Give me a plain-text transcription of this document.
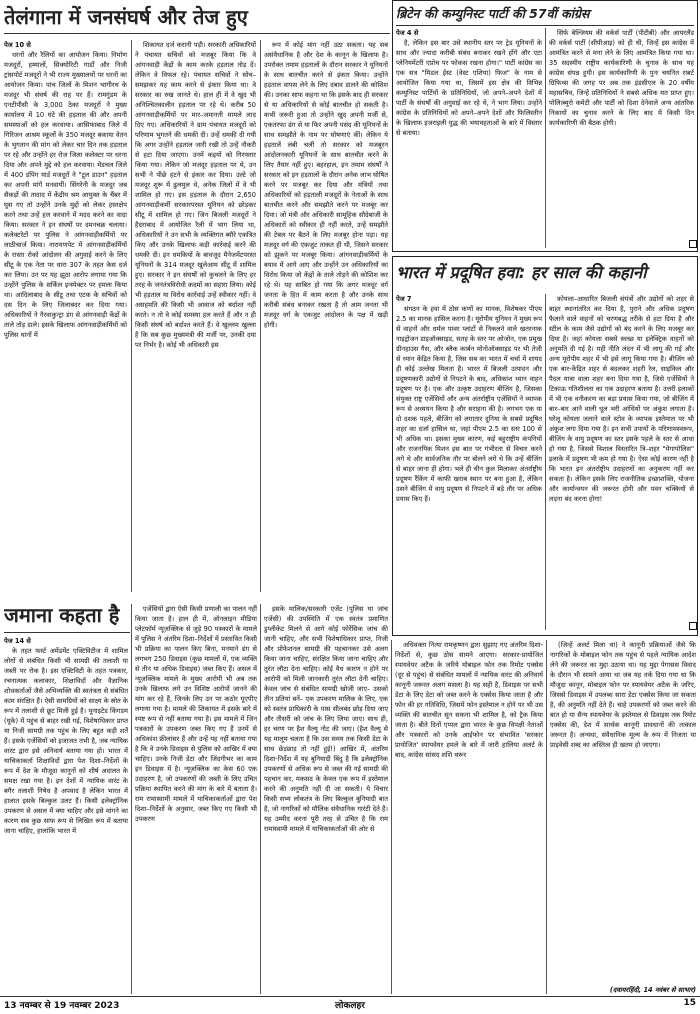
तेलंगाना में जनसंघर्ष और तेज हुए

पेज 10 से

धरनों और रैलियों का आयोजन किया। निर्माण मजदूरों, हम्मालों, सिक्योरिटी गार्डों और निजी ट्रांसपोर्ट मजदूरों ने भी राज्य मुख्यालयों पर धरनों का आयोजन किया। पांच जिलों के मिशन भागीरथ के मजदूर भी संघर्ष की राह पर हैं। रामगुंडम के एनटीपीसी के 3,000 ठेका मजदूरों ने मुख्य कार्यालय में 10 घंटे की हड़ताल की और अपनी समस्याओं को हल करवाया। आसिफाबाद जिले में गिरिजन आश्रम स्कूलों के 350 मजदूर बकाया वेतन के भुगतान की मांग को लेकर चार दिन तक हड़ताल पर रहे और उन्होंने हर रोज जिला कलेक्टर पर धरना दिया और अपने मुद्दे को हल करवाया। मेडचल जिले में 400 डंपिंग यार्ड मजदूरों ने "टूल डाउन" हड़ताल कर अपनी मांगें मनवायीं। सिंगरेनी के मजदूर जब सैकड़ों की तादाद में केंद्रीय श्रम आयुक्त के चैंबर में घुस गए तो उन्होंने उनके मुद्दों को लेकर हस्तक्षेप करने तथा उन्हें हल करवाने में मदद करने का वादा किया। सरकार ने इन संघर्षों पर दमनचक्र चलाया। कलेक्टरेटों पर पुलिस ने आंगनवाड़ीकर्मियों पर लाठीचार्ज किया। नारायणपेट में आंगनवाड़ीकर्मियों के रास्ता रोको आंदोलन की अगुवाई करने के लिए सीटू के एक नेता पर धारा 307 के तहत केस दर्ज कर लिया। उन पर यह झूठा आरोप लगाया गया कि उन्होंने पुलिस के सर्किल इन्स्पेक्टर पर हमला किया था। आदिलाबाद के सीटू तथा एटक के सचिवों को दस दिन के लिए जिलाबदर कर दिया गया। अधिकारियों ने नैरवाकुन्ट्रा डंग से आंगनवाड़ी केंद्रों के ताले तोड़ डाले। इसके खिलाफ आंगनवाड़ीकर्मियों को पुलिस थानों में

शिकायत दर्ज करानी पड़ी। सरकारी अधिकारियों ने पंचायत सचिवों को मजबूर किया कि वे आंगनवाड़ी केंद्रों के काम करके हड़ताल तोड़ दें। लेकिन वे विफल रहे। पंचायत सचिवों ने सोच–समझकर यह काम करने से इंकार किया था। वे सरकार का रुख जानते थे। हाल ही में वे खुद भी अनिश्चितकालीन हड़ताल पर रहे थे। करीब 50 आंगनवाड़ीकर्मियों पर मार–जमानती मामले लाद दिए गए। अधिकारियों ने ग्राम पंचायत मजदूरों को परिणाम भुगतने की धमकी दी। उन्हें धमकी दी गयी कि अगर उन्होंने हड़ताल जारी रखी तो उन्हें नौकरी से हटा दिया जाएगा। उनमें कइयों को गिरफ्तार किया गया। लेकिन जो मजदूर हड़ताल पर थे, उन सभी ने पीछे हटने से इंकार कर दिया। उल्टे जो मजदूर शुरू में ढुलमुल थे, अनेक जिलों में वे भी शामिल हो गए। इस हड़ताल के दौरान 2,650 आंगनवाड़ीकर्मी सरकारपरस्त यूनियन को छोड़कर सीटू में शामिल हो गए। जिन बिजली मजदूरों ने हैदराबाद में आयोजित रैली में भाग लिया था, अधिकारियों ने उन सभी के व्यक्तिगत ब्यौरे एकत्रित किए और उनके खिलाफ कड़ी कार्रवाई करने की धमकी दी। इन धमकियों के बावजूद मैनेजमेंटपरस्त यूनियनों के 314 मजदूर खुलेआम सीटू में शामिल हुए। सरकार ने इन संघर्षों को कुचलने के लिए हर तरह के जनतंत्रविरोधी कदमों का सहारा लिया। कोई भी हड़ताल या विरोध कार्रवाई उन्हें स्वीकार नहीं। वे असहमति की किसी भी आवाज को बर्दाश्त नहीं करते। न तो वे कोई समस्या हल करते हैं और न ही किसी संघर्ष को बर्दाश्त करते हैं। वे खुल्लम खुल्ला है कि सब कुछ मुख्यमंत्री की मर्जी पर, उनकी दया पर निर्भर है। कोई भी अधिकारी इस

रूप में कोई मांग नहीं उठा सकता। यह सब असंवैधानिक है और देश के कानून के खिलाफ है। उपरोक्त तमाम हड़तालों के दौरान सरकार ने यूनियनों के साथ बातचीत करने से इंकार किया। उन्होंने हड़ताल वापस लेने के लिए दबाव डालने की कोशिश की। उनका साफ कहना था कि इसके बाद ही सरकार से या अधिकारियों से कोई बातचीत हो सकती है। कभी जरूरी हुआ तो उन्होंने खुद अपनी मर्जी से, एकतरफा ढंग से या फिर अपनी पसंद की यूनियनों के साथ समझौते के नाम पर घोषणाएं कीं। लेकिन ये हड़तालें लंबी चलीं तो सरकार को मजबूरन आंदोलनकारी यूनियनों के साथ बातचीत करने के लिए तैयार नहीं हुए। बहरहाल, इन तमाम संघर्षों ने सरकार को इन हड़तालों के दौरान अनेक लाभ घोषित करने पर मजबूर कर दिया और मंत्रियों तथा अधिकारियों को हड़ताली मजदूरों के नेताओं के साथ बातचीत करने और समझौते करने पर मजबूर कर दिया। जो मंत्री और अधिकारी सामूहिक सौदेबाजी के अधिकारों को स्वीकार ही नहीं करते, उन्हें समझौते की टेबल पर बैठने के लिए मजबूर होना पड़ा। यह मजदूर वर्ग की एकजुट ताकत ही थी, जिसने सरकार को झुकने पर मजबूर किया। आंगनवाड़ीकर्मियों के बयाव में आगे आए और उन्होंने उन अधिकारियों का विरोध किया जो केंद्रों के ताले तोड़ने की कोशिश कर रहे थे। यह साबित हो गया कि अगर मजदूर वर्ग जनता के हित में काम करता है और उनके साथ करीबी संबंध बनाकर रखता है तो आम जनता भी मजदूर वर्ग के एकजुट आंदोलन के पक्ष में खड़ी होगी।

ब्रिटेन की कम्युनिस्ट पार्टी की 57वीं कांग्रेस

पेज 4 से

है, लेकिन इस बार उसे स्थानीय स्तर पर ट्रेड यूनियनों के साथ और ज्यादा करीबी संबंध बनाकर रखने होंगे और एटा प्लेनियमेंटरी एप्रोच पर फोकस रखना होगा।" पार्टी कांग्रेस का एक सत्र "मिडल ईस्ट (वेस्ट एशिया) फिज" के नाम से आयोजित किया गया था, जिसमें इस क्षेत्र की विभिन्न कम्युनिस्ट पार्टियों के प्रतिनिधियों, जो अपने–अपने देशों में पार्टी के संघर्षों की अगुवाई कर रहे थे, ने भाग लिया। उन्होंने कांग्रेस के प्रतिनिधियों को अपने–अपने देशों और फिलिस्तीन के खिलाफ इजराइली युद्ध की भयावहताओं के बारे में विस्तार से बताया।

सिर्फ बेल्जियम की वर्कर्स पार्टी (पीटीबी) और आयरलैंड की वर्कर्स पार्टी (सीपीआइ) को ही थी, जिन्हें इस कांग्रेस में आमंत्रित करने से मना लेने के लिए आमंत्रित किया गया था। 35 सदस्यीय राष्ट्रीय कार्यकारिणी के चुनाव के साथ यह कांग्रेस संपन्न हुयी। इस कार्यकारिणी के पुनः चयनित राबर्ट ग्रिफिथ्स की जगह पर अब तक इंडसीएल के 20 वर्षीय महासचिव, जिन्हें प्रतिनिधियों ने सबसे अधिक मत प्राप्त हुए। पोलित्ब्युरो कमेटी और पार्टी को दिशा देनेवाले अन्य आंतरिक निकायों का चुनाव करने के लिए बाद में किसी दिन कार्यकारिणी की बैठक होगी।

भारत में प्रदूषित हवा: हर साल की कहानी

पेज 7

संगठन के हवा में ठोस कणों का मानक, विशेषकर पीएम 2.5 का मानक हासिल करना है। यूरोपीय यूनियन ने मुख्य रूप से वाहनों और धर्मल पावर प्लांटों से निकलने वाले खतरनाक नाइट्रोजन डाइऑक्साइड, सतह के स्तर पर ओजोन, एक प्रमुख ग्रीनहाउस गैस, और ब्लैक कार्बन मोनोऑक्साइड पर भी तेजी से ध्यान केंद्रित किया है, जिस सब का भारत में चर्चा में शायद ही कोई उल्लेख मिलता है। भारत में बिजली उत्पादन और प्रदूषणकारी उद्योगों से निपटने के बाद, अधिकांश ध्यान वाहन प्रदूषण पर है। एक और उत्कृष्ट उदाहरण बीजिंग है, जिसका संयुक्त राष्ट्र एजेंसियों और अन्य अंतर्राष्ट्रीय एजेंसियों ने व्यापक रूप से अध्ययन किया है और सराहना की है। लगभग एक या दो दशक पहले, बीजिंग को लगातार दुनिया के सबसे प्रदूषित शहर का दर्जा हासिल था, जहां पीएम 2.5 का स्तर 100 से भी अधिक था। इसका मुख्य कारण, कई बहुराष्ट्रीय कंपनियों और राजनयिक मिशन इस बात पर गंभीरता से विचार करने लगे थे और सार्वजनिक तौर पर बोलने लगे थे कि उन्हें बीजिंग से बाहर जाना ही होगा। भले ही चीन कुल मिलाकर अंतर्राष्ट्रीय प्रदूषण रैंकिंग में काफी खराब स्थान पर बना हुआ है, लेकिन उसने बीजिंग में वायु प्रदूषण से निपटने में बड़े तौर पर अधिक प्रयास किए हैं।

कोयला–आधारित बिजली संयंत्रों और उद्योगों को शहर से बाहर स्थानांतरित कर दिया है, पुराने और अधिक प्रदूषण फैलाने वाले वाहनों को चरणबद्ध तरीके से हटा दिया है और स्टील के काम जैसे उद्योगों को बंद करने के लिए मजबूर कर दिया है। जहां कोयला सबसे स्वच्छ या इलेक्ट्रिक वाहनों को अनुमति दी गई है। यही नीति लंदन में भी लागू की गई और अन्य यूरोपीय शहर में भी इसे लागू किया गया है। बीजिंग को एक बार-केंद्रित शहर से बदलकर शहरी रेल, साइकिल और पैदल यात्रा वाला शहर बना दिया गया है, जिसे एजेंसियों ने टिकाऊ गतिशीलता का एक उदाहरण बताया है। उत्तरी इलाकों में भी एक वनीकरण का बड़ा प्रयास किया गया, जो बीजिंग में बार–बार आने वाली धूल भरी आंधियों पर अंकुश लगाता है। घरेलू कोयला जलाने वाले स्टोव के व्यापक इस्तेमाल पर भी अंकुश लगा दिया गया है। इन सभी उपायों के परिणामस्वरूप, बीजिंग के वायु प्रदूषण का स्तर इसके पहले के स्तर से आधा हो गया है, जिससे विशाल विस्तारित त्रि–शहर "मेगापोलिस" इलाके में प्रदूषण भी कम हो गया है। ऐसा कोई कारण नहीं है कि भारत इन अंतर्राष्ट्रीय उदाहरणों का अनुकरण नहीं कर सकता है। लेकिन इसके लिए राजनीतिक इच्छाशक्ति, योजना और कार्यान्वयन की जरूरत होगी और पवन चक्कियों से लड़ना बंद करना होगा!

जमाना कहता है

पेज 14 से

के तहत फर्स्ट अमेंडमेंट एक्टिविटीज में शामिल लोगों से संबंधित किसी भी सामग्री की तलाशी या जब्ती पर रोक है। इस एक्टिविटी के तहत पत्रकार, रचनात्मक कलाकार, शिक्षाविदों और वैज्ञानिक शोधकर्ताओं जैसे अभिव्यक्ति की स्वतंत्रता से संबंधित काम संरक्षित हैं। ऐसी सामग्रियों को साक्ष्य के स्रोत के रूप में तलाशी से छूट मिली हुई है। यूनाइटेड किंगडम (यूके) में पहुंच से बाहर रखी गई, विशेषाधिकार प्राप्त या निजी सामग्री तक पहुंच के लिए बहुत कड़ी शर्तें हैं। इसके एजेंसियों को इजाजत तभी है, जब न्यायिक वारंट द्वारा इसे अनिवार्य बताया गया हो। भारत में याचिकाकर्ता शिक्षाविदों द्वारा पेश दिशा–निर्देशों के रूप में देश के मौजूदा कानूनों को शीर्ष अदालत के समक्ष रखा गया है। इन देशों में न्यायिक वारंट के बगैर तलाशी निषेध है अपवाद है लेकिन भारत में हालात इसके बिल्कुल उलट हैं। किसी इलेक्ट्रॉनिक उपकरण से असल में क्या चाहिए और इसे मांगने का कारण सब कुछ साफ रूप से लिखित रूप में बताया जाना चाहिए, हालांकि भारत में

एजेंसियों द्वारा ऐसी किसी प्रणाली का पालन नहीं किया जाता है। हाल ही में, ऑनलाइन मीडिया प्लेटफॉर्म न्यूज़क्लिक से जुड़े 90 पत्रकारों के मामले में पुलिस ने अंतरिम दिशा–निर्देशों में प्रस्तावित किसी भी प्रक्रिया का पालन किए बिना, मनमाने ढंग से लगभग 250 डिवाइस (कुछ मामलों में, एक व्यक्ति से तीन या अधिक डिवाइस) जब्त किए हैं। असल में न्यूज़क्लिक मामले के मुख्य आरोपी भी अब तक उनके खिलाफ लगे उन विशिष्ट आरोपों जानने की मांग कर रहे हैं, जिनके लिए उन पर कठोर यूएपीए लगाया गया है। मामले की शिकायत में इसके बारे में स्पष्ट रूप से नहीं बताया गया है। इस मामले में जिन पत्रकारों के उपकरण जब्त किए गए हैं उनमें से अधिकांश फ्रीलांसर हैं और उन्हें यह नहीं बताया गया है कि वे उनके डिवाइस से पुलिस को आखिर में क्या चाहिए। उनके निजी डेटा और जिंदगीभर का काम इन डिवाइस में है। न्यूज़क्लिक का केस 60 एक उदाहरण है, जो उपकरणों की जब्ती के लिए उचित प्रक्रिया स्थापित करने की मांग के बारे में बताता है। राम रामास्वामी मामले में याचिकाकर्ताओं द्वारा पेश दिशा–निर्देशों के अनुसार, जब्त किए गए किसी भी उपकरण

इसके मालिक/सरकारी एजेंट (पुलिस या जांच एजेंसी) की उपस्थिति में एक स्वतंत्र प्रमाणित डुप्लीकेट मिलने से आगे कोई फोरेंसिक जांच की जानी चाहिए, और सभी विशेषाधिकार प्राप्त, निजी और प्रोफेशनल सामग्री की पहचानकर उसे अलग किया जाना चाहिए, संरक्षित किया जाना चाहिए और तुरंत लौटा देना चाहिए। कोई वैध कारण न होने पर आरोपी को मिली जानकारी तुरंत लौटा देनी चाहिए। केवल जांच से संबंधित सामग्री खोजी जाए– उसको तीन प्रतियां बनें– एक उपकरण मालिक के लिए, एक को स्वतंत्र प्राधिकारी के पास सीलबंद छोड़ दिया जाए और तीसरी को जांच के लिए लिया जाए। साथ ही, हर चरण पर हैश वैल्यू नोट की जाए। (हैश वैल्यू से यह मालूम चलता है कि उस समय तक किसी डेटा के साथ छेड़छाड़ तो नहीं हुई!) आखिर में, अंतरिम दिशा-निर्देश में यह बुनियादी बिंदु है कि इलेक्ट्रॉनिक उपकरणों से अधिक रूप से जब्त की गई सामग्री की पहचान कर, मकसद के केवल एक रूप में इस्तेमाल करने की अनुमति नहीं दी जा सकती। ये विचार किसी सभ्य लोकतंत्र के लिए बिल्कुल बुनियादी बात है, जो नागरिकों को मौलिक संवैधानिक गारंटी देते हैं। यह उम्मीद करना पूरी तरह से उचित है कि राम रामास्वामी मामले में याचिकाकर्ताओं की ओर से

अधिवक्ता नित्या रामकृष्णन द्वारा सुझाए गए अंतरिम दिशा-निर्देशों से, कुछ ठोस सामने आएगा। सरकार-प्रायोजित स्पायवेयर अटैक के जरिये मोबाइल फोन तक रिमोट एक्सेस (दूर से पहुंच) से संबंधित मामलों में न्यायिक वारंट की अनिवार्य कानूनी जरूरत अलग मसला है। यह सही है, डिवाइस पर सभी डेटा के लिए डेटा को जब्त करने के एक्सेस किया जाता है और फोन की हर गतिविधि, जिसमें फोन इस्तेमाल न होने पर भी उस व्यक्ति की बातचीत सुन सकना भी शामिल है, को ट्रैक किया जाता है। बीते दिनों एप्पल द्वारा भारत के कुछ विपक्षी नेताओं और पत्रकारों को उनके आईफोन पर संभावित 'सरकार प्रायोजित' स्पायवेयर हमले के बारे में जारी हालिया अलर्ट के बाद, कांग्रेस सांसद शशि थरूर

(जिन्हें अलर्ट मिला था) ने कानूनी प्रक्रियाओं जैसे कि नागरिकों के मोबाइल फोन तक पहुंच से पहले न्यायिक आदेश लेने की जरूरत का मुद्दा उठाया था। यह मुद्दा पेगासस विवाद के दौरान भी सामने आया था जब यह तर्क दिया गया था कि मौजूदा कानून, मोबाइल फोन पर स्पायवेयर अटैक के जरिए, जिससे डिवाइस में उपलब्ध सारा डेटा एक्सेस किया जा सकता है, की अनुमति नहीं देते हैं। चाहे उपकरणों को जब्त करने की बात हो या सैन्य स्पायवेयर के इस्तेमाल से डिवाइस तक रिमोट एक्सेस की, देश में सार्थक कानूनी प्रावधानों की तत्काल जरूरत है। अन्यथा, संवैधानिक मूल्य के रूप में निजता या प्राइवेसी शब्द का अस्तित्व ही खतम हो जाएगा।

(दवायरहिंदी, 14 नवंबर से साभार)
13 नवम्बर से 19 नवम्बर 2023	लोकलहर	15
